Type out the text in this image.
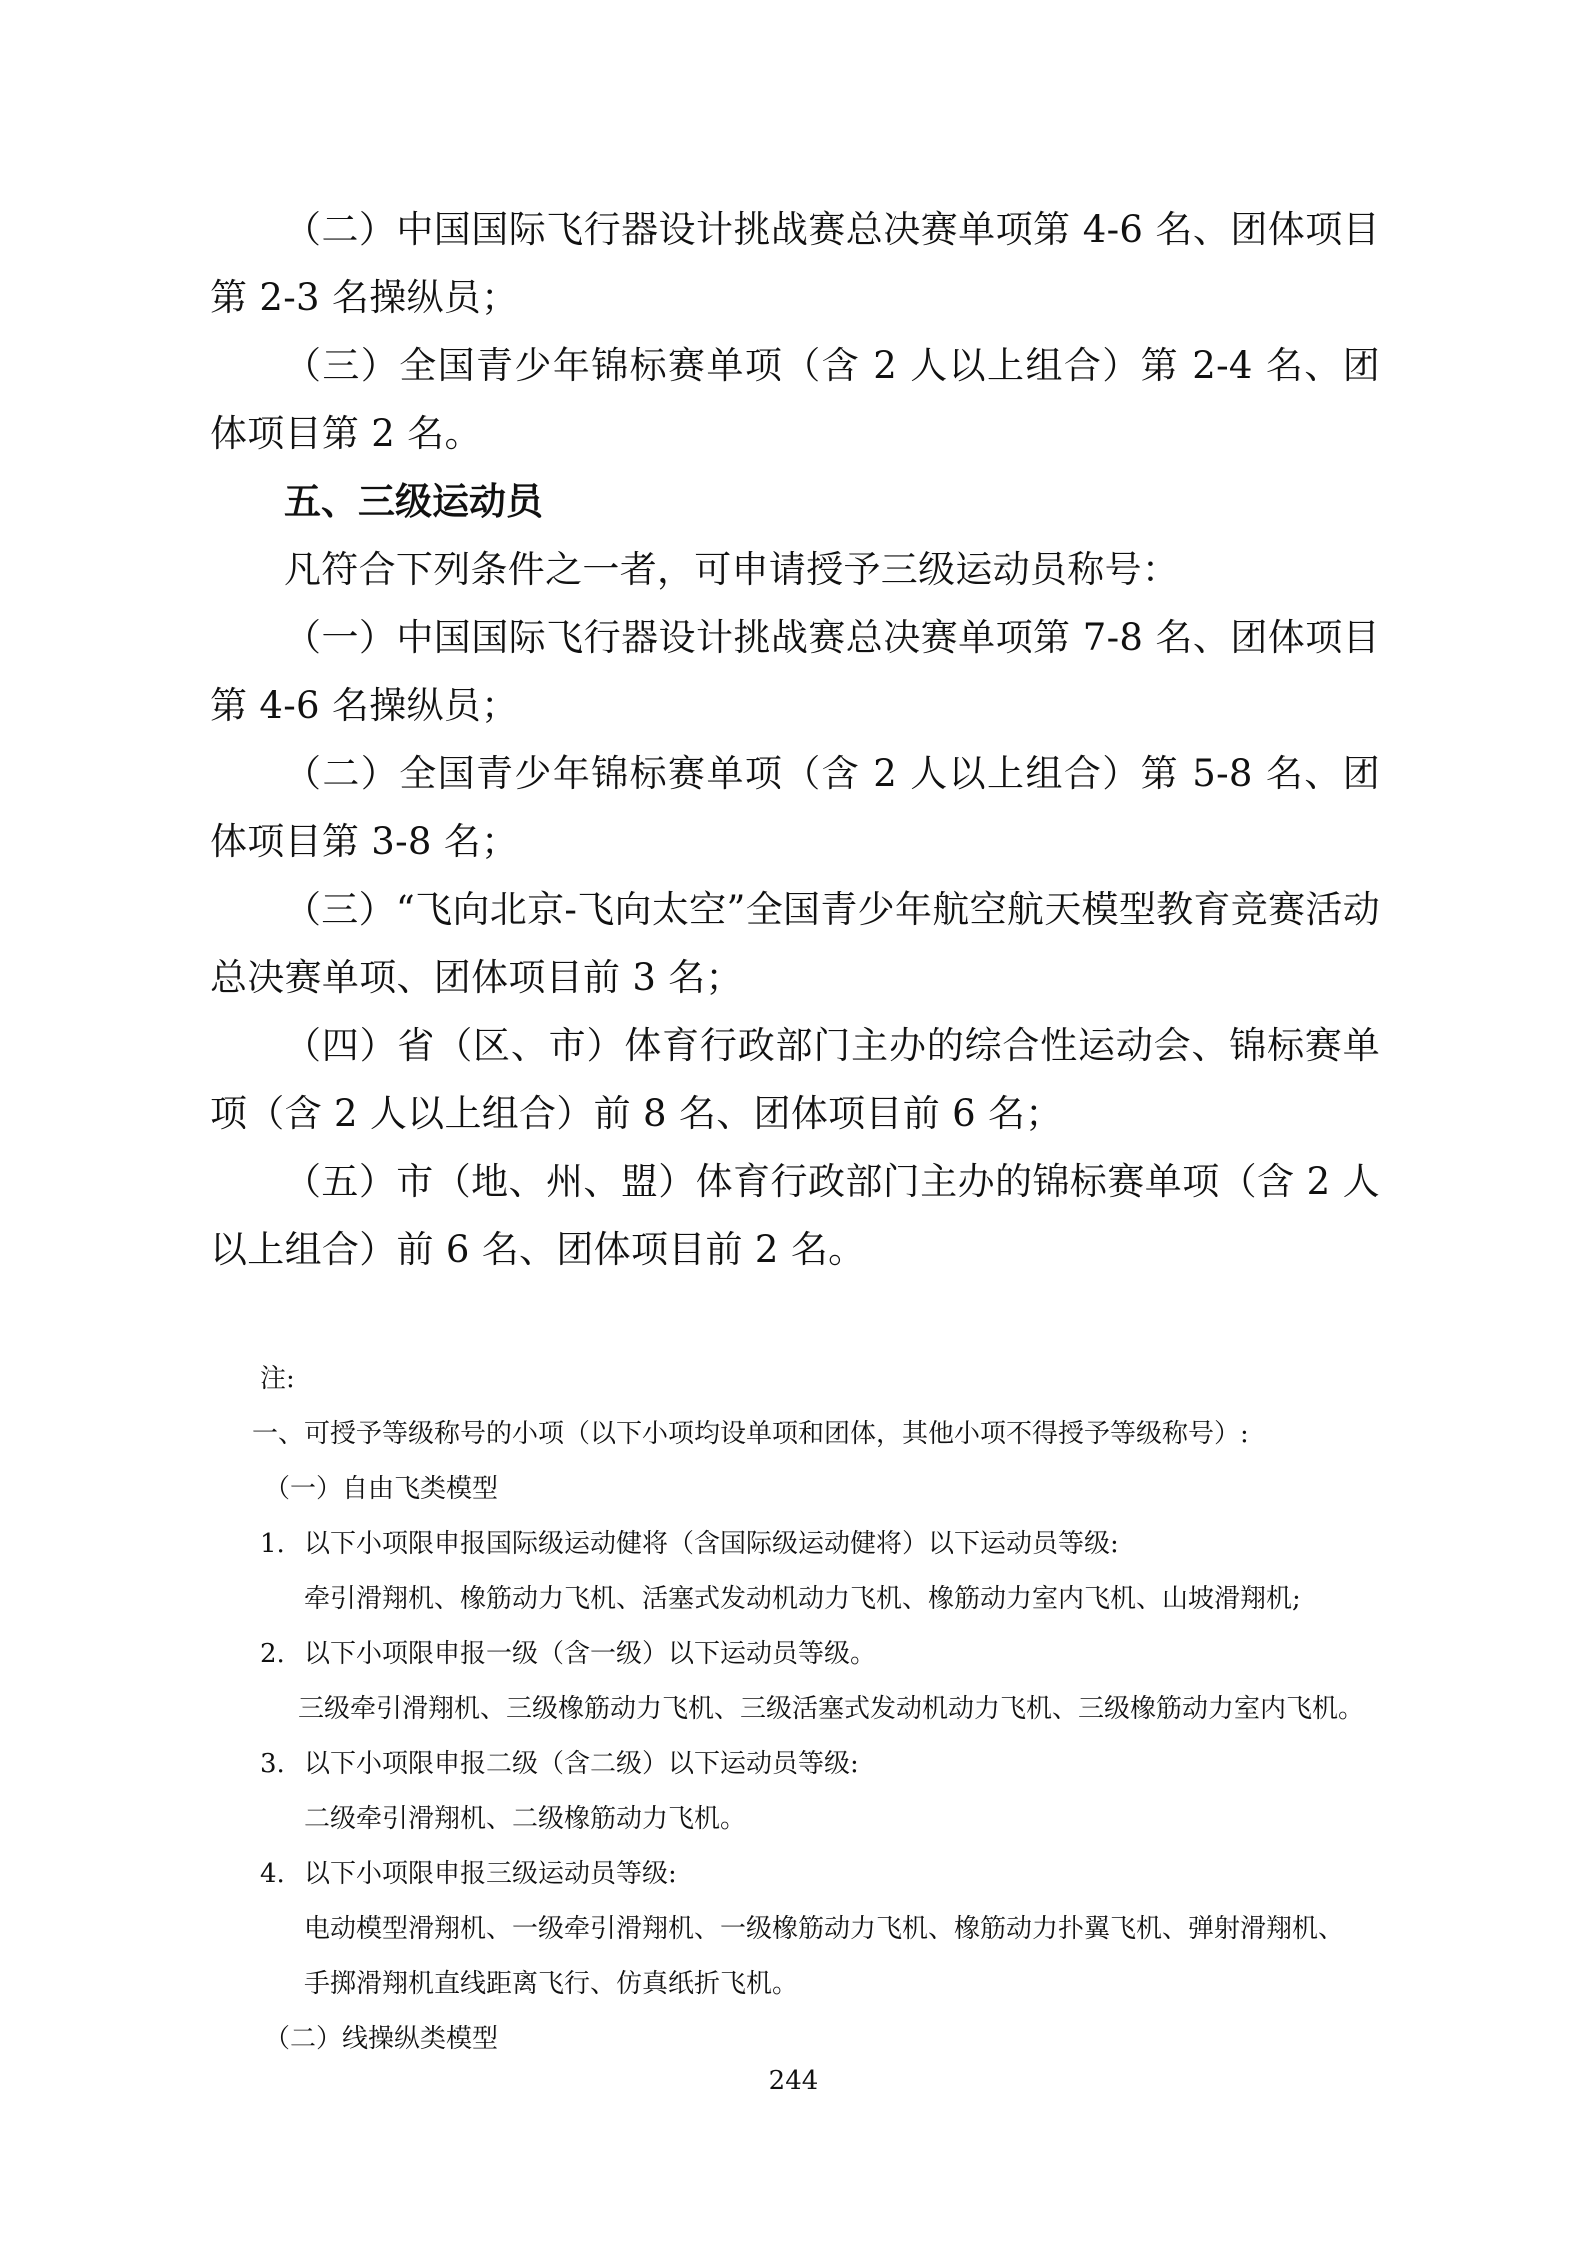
（二）中国国际飞行器设计挑战赛总决赛单项第 4-6 名、团体项目第 2-3 名操纵员；

（三）全国青少年锦标赛单项（含 2 人以上组合）第 2-4 名、团体项目第 2 名。

五、三级运动员

凡符合下列条件之一者，可申请授予三级运动员称号：

（一）中国国际飞行器设计挑战赛总决赛单项第 7-8 名、团体项目第 4-6 名操纵员；

（二）全国青少年锦标赛单项（含 2 人以上组合）第 5-8 名、团体项目第 3-8 名；

（三）“飞向北京-飞向太空”全国青少年航空航天模型教育竞赛活动总决赛单项、团体项目前 3 名；

（四）省（区、市）体育行政部门主办的综合性运动会、锦标赛单项（含 2 人以上组合）前 8 名、团体项目前 6 名；

（五）市（地、州、盟）体育行政部门主办的锦标赛单项（含 2 人以上组合）前 6 名、团体项目前 2 名。

注:

一、可授予等级称号的小项（以下小项均设单项和团体，其他小项不得授予等级称号）:

（一）自由飞类模型

1. 以下小项限申报国际级运动健将（含国际级运动健将）以下运动员等级:

牵引滑翔机、橡筋动力飞机、活塞式发动机动力飞机、橡筋动力室内飞机、山坡滑翔机;

2. 以下小项限申报一级（含一级）以下运动员等级。

三级牵引滑翔机、三级橡筋动力飞机、三级活塞式发动机动力飞机、三级橡筋动力室内飞机。

3. 以下小项限申报二级（含二级）以下运动员等级:

二级牵引滑翔机、二级橡筋动力飞机。

4. 以下小项限申报三级运动员等级:

电动模型滑翔机、一级牵引滑翔机、一级橡筋动力飞机、橡筋动力扑翼飞机、弹射滑翔机、

手掷滑翔机直线距离飞行、仿真纸折飞机。

（二）线操纵类模型

244
